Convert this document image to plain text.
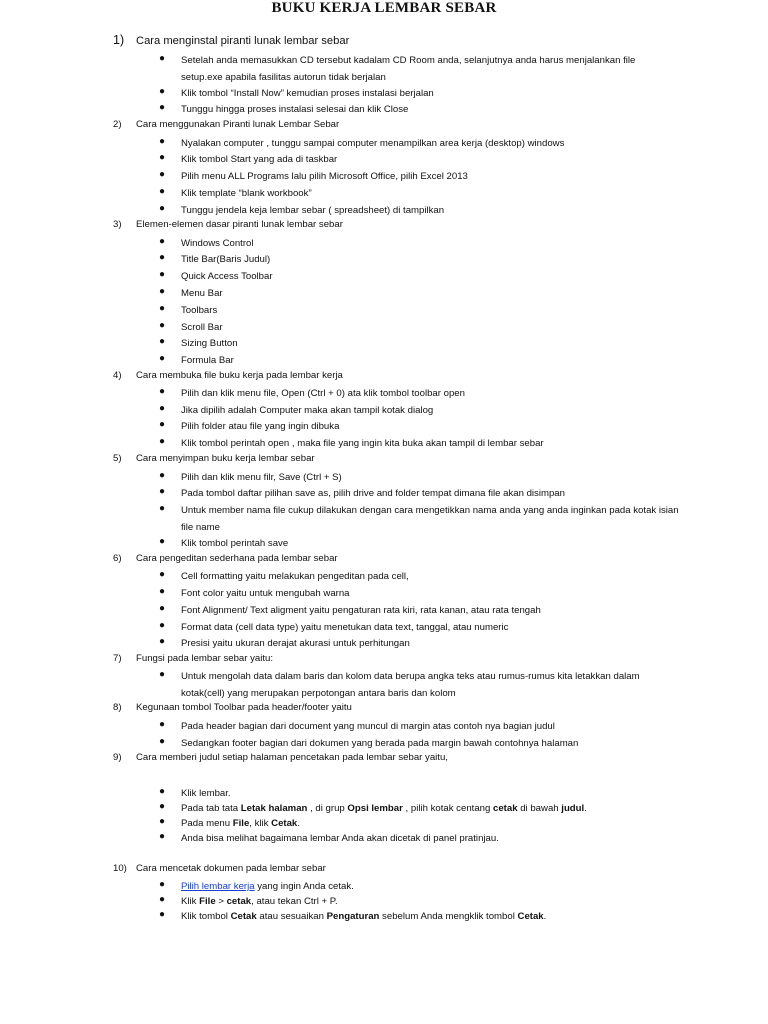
BUKU KERJA LEMBAR SEBAR
1) Cara menginstal piranti lunak lembar sebar
● Setelah anda memasukkan CD tersebut kadalam CD Room anda, selanjutnya anda harus menjalankan file setup.exe apabila fasilitas autorun tidak berjalan
● Klik tombol “Install Now” kemudian proses instalasi berjalan
● Tunggu hingga proses instalasi selesai dan klik Close
2) Cara menggunakan Piranti lunak Lembar Sebar
● Nyalakan computer , tunggu sampai computer menampilkan area kerja (desktop) windows
● Klik tombol Start yang ada di taskbar
● Pilih menu ALL Programs lalu pilih Microsoft Office, pilih Excel 2013
● Klik template “blank workbook”
● Tunggu jendela keja lembar sebar ( spreadsheet) di tampilkan
3) Elemen-elemen dasar piranti lunak lembar sebar
● Windows Control
● Title Bar(Baris Judul)
● Quick Access Toolbar
● Menu Bar
● Toolbars
● Scroll Bar
● Sizing Button
● Formula Bar
4) Cara membuka file buku kerja pada lembar kerja
● Pilih dan klik menu file, Open (Ctrl + 0) ata klik tombol toolbar open
● Jika dipilih adalah Computer maka akan tampil kotak dialog
● Pilih folder atau file yang ingin dibuka
● Klik tombol perintah open , maka file yang ingin kita buka akan tampil di lembar sebar
5) Cara menyimpan buku kerja lembar sebar
● Pilih dan klik menu filr, Save (Ctrl + S)
● Pada tombol daftar pilihan save as, pilih drive and folder tempat dimana file akan disimpan
● Untuk member nama file cukup dilakukan dengan cara mengetikkan nama anda yang anda inginkan pada kotak isian file name
● Klik tombol perintah save
6) Cara pengeditan sederhana pada lembar sebar
● Cell formatting yaitu melakukan pengeditan pada cell,
● Font color yaitu untuk mengubah warna
● Font Alignment/ Text aligment yaitu pengaturan rata kiri, rata kanan, atau rata tengah
● Format data (cell data type) yaitu menetukan data text, tanggal, atau numeric
● Presisi yaitu ukuran derajat akurasi untuk perhitungan
7) Fungsi pada lembar sebar yaitu:
● Untuk mengolah data dalam baris dan kolom data berupa angka teks atau rumus-rumus kita letakkan dalam kotak(cell) yang merupakan perpotongan antara baris dan kolom
8) Kegunaan tombol Toolbar pada header/footer yaitu
● Pada header bagian dari document yang muncul di margin atas contoh nya bagian judul
● Sedangkan footer bagian dari dokumen yang berada pada margin bawah contohnya halaman
9) Cara memberi judul setiap halaman pencetakan pada lembar sebar yaitu,
● Klik lembar.
● Pada tab tata Letak halaman , di grup Opsi lembar , pilih kotak centang cetak di bawah judul.
● Pada menu File, klik Cetak.
● Anda bisa melihat bagaimana lembar Anda akan dicetak di panel pratinjau.
10) Cara mencetak dokumen pada lembar sebar
● Pilih lembar kerja yang ingin Anda cetak.
● Klik File > cetak, atau tekan Ctrl + P.
● Klik tombol Cetak atau sesuaikan Pengaturan sebelum Anda mengklik tombol Cetak.
